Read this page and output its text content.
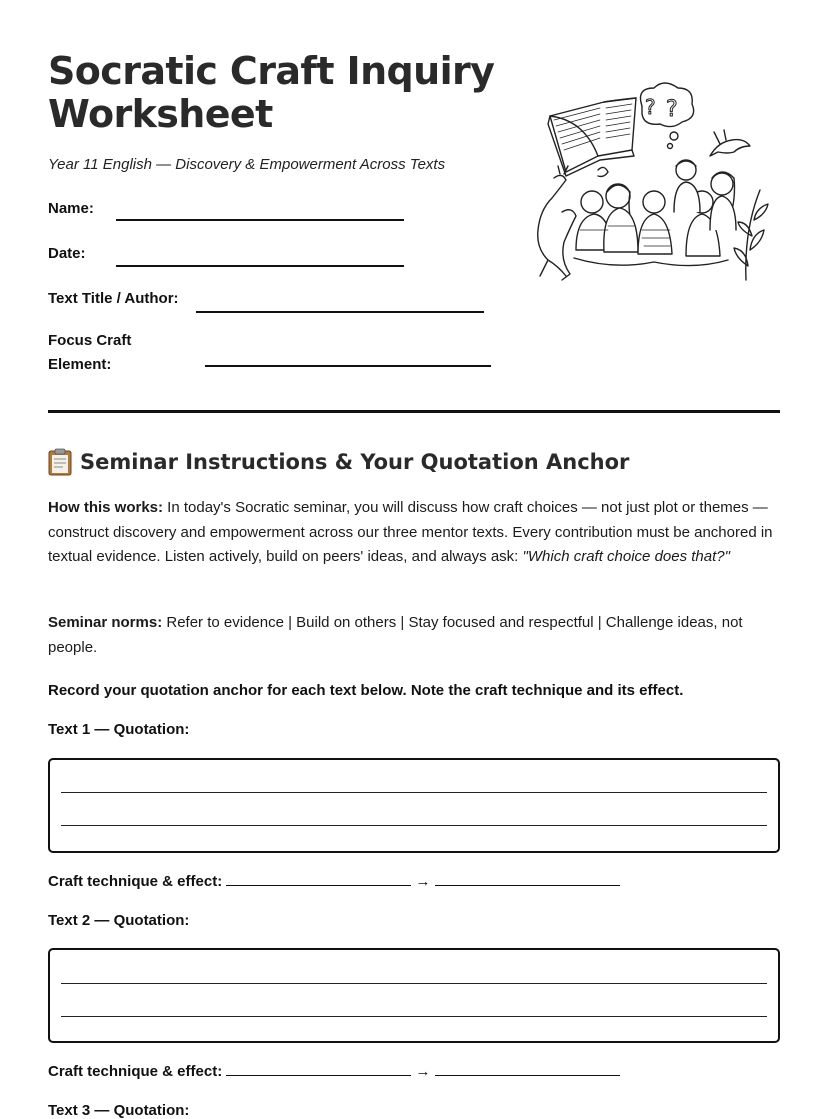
Socratic Craft Inquiry Worksheet
Year 11 English — Discovery & Empowerment Across Texts
Name:
Date:
Text Title / Author:
Focus Craft
Element:
? ?
Seminar Instructions & Your Quotation Anchor

How this works: In today's Socratic seminar, you will discuss how craft choices — not just plot or themes — construct discovery and empowerment across our three mentor texts. Every contribution must be anchored in textual evidence. Listen actively, build on peers' ideas, and always ask: "Which craft choice does that?"

Seminar norms: Refer to evidence | Build on others | Stay focused and respectful | Challenge ideas, not people.

Record your quotation anchor for each text below. Note the craft technique and its effect.
Text 1 — Quotation:
Craft technique & effect:	→
Text 2 — Quotation:
Craft technique & effect:	→
Text 3 — Quotation:
